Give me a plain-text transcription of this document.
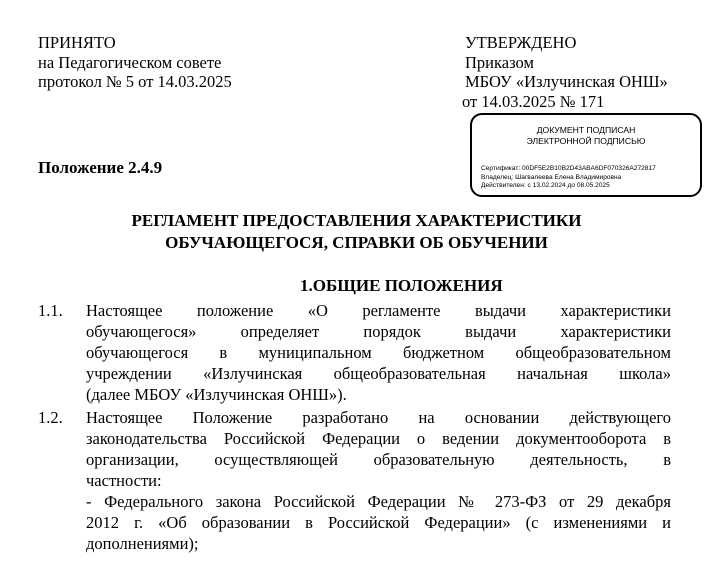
ПРИНЯТО
на Педагогическом совете
протокол № 5 от 14.03.2025
УТВЕРЖДЕНО
Приказом
МБОУ «Излучинская ОНШ»
от 14.03.2025 № 171
ДОКУМЕНТ ПОДПИСАН
ЭЛЕКТРОННОЙ ПОДПИСЬЮ
Сертификат: 00DF5E2B10B2D43ABA6DF070326A272817
Владелец: Шагвалеева Елена Владимировна
Действителен: с 13.02.2024 до 08.05.2025
Положение 2.4.9
РЕГЛАМЕНТ ПРЕДОСТАВЛЕНИЯ ХАРАКТЕРИСТИКИ
ОБУЧАЮЩЕГОСЯ, СПРАВКИ ОБ ОБУЧЕНИИ
1.ОБЩИЕ ПОЛОЖЕНИЯ
1.1. Настоящее положение «О регламенте выдачи характеристики
обучающегося» определяет порядок выдачи характеристики
обучающегося в муниципальном бюджетном общеобразовательном
учреждении «Излучинская общеобразовательная начальная школа»
(далее МБОУ «Излучинская ОНШ»).
1.2. Настоящее Положение разработано на основании действующего
законодательства Российской Федерации о ведении документооборота в
организации, осуществляющей образовательную деятельность, в
частности:
- Федерального закона Российской Федерации № 273-ФЗ от 29 декабря
2012 г. «Об образовании в Российской Федерации» (с изменениями и
дополнениями);
